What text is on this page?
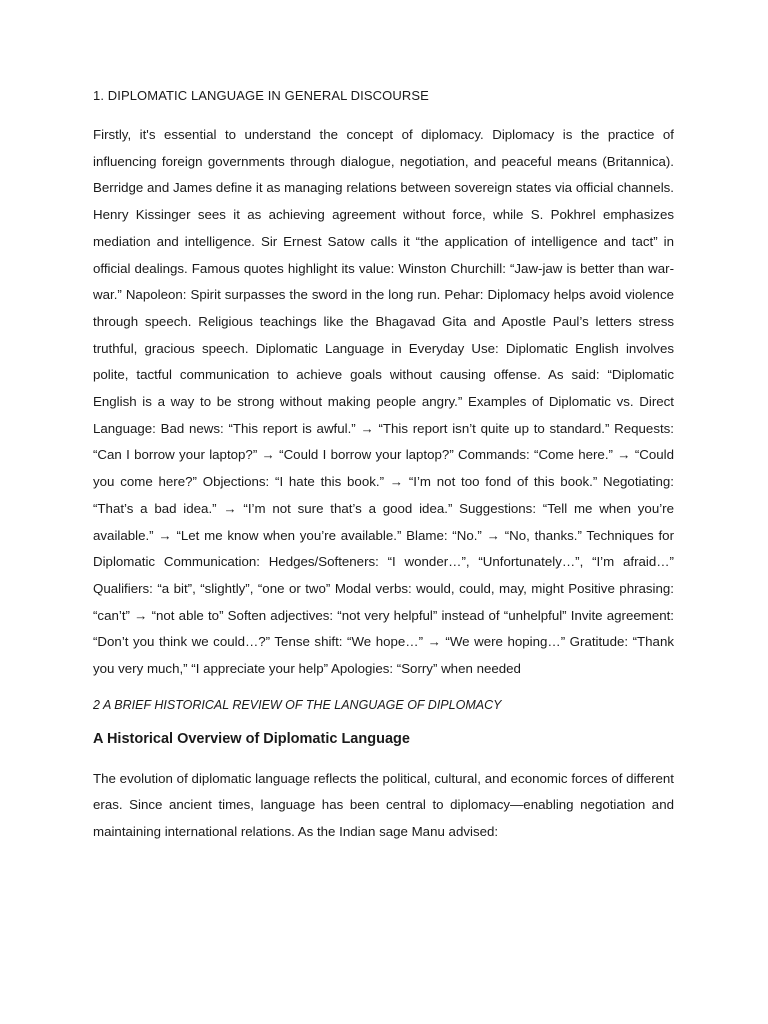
1. DIPLOMATIC LANGUAGE IN GENERAL DISCOURSE

Firstly, it's essential to understand the concept of diplomacy. Diplomacy is the practice of influencing foreign governments through dialogue, negotiation, and peaceful means (Britannica). Berridge and James define it as managing relations between sovereign states via official channels. Henry Kissinger sees it as achieving agreement without force, while S. Pokhrel emphasizes mediation and intelligence. Sir Ernest Satow calls it “the application of intelligence and tact” in official dealings. Famous quotes highlight its value: Winston Churchill: “Jaw-jaw is better than war-war.” Napoleon: Spirit surpasses the sword in the long run. Pehar: Diplomacy helps avoid violence through speech. Religious teachings like the Bhagavad Gita and Apostle Paul’s letters stress truthful, gracious speech. Diplomatic Language in Everyday Use: Diplomatic English involves polite, tactful communication to achieve goals without causing offense. As said: “Diplomatic English is a way to be strong without making people angry.” Examples of Diplomatic vs. Direct Language: Bad news: “This report is awful.” → “This report isn’t quite up to standard.” Requests: “Can I borrow your laptop?” → “Could I borrow your laptop?” Commands: “Come here.” → “Could you come here?” Objections: “I hate this book.” → “I’m not too fond of this book.” Negotiating: “That’s a bad idea.” → “I’m not sure that’s a good idea.” Suggestions: “Tell me when you’re available.” → “Let me know when you’re available.” Blame: “No.” → “No, thanks.” Techniques for Diplomatic Communication: Hedges/Softeners: “I wonder…”, “Unfortunately…”, “I’m afraid…” Qualifiers: “a bit”, “slightly”, “one or two” Modal verbs: would, could, may, might Positive phrasing: “can’t” → “not able to” Soften adjectives: “not very helpful” instead of “unhelpful” Invite agreement: “Don’t you think we could…?” Tense shift: “We hope…” → “We were hoping…” Gratitude: “Thank you very much,” “I appreciate your help” Apologies: “Sorry” when needed

2 A BRIEF HISTORICAL REVIEW OF THE LANGUAGE OF DIPLOMACY
A Historical Overview of Diplomatic Language

The evolution of diplomatic language reflects the political, cultural, and economic forces of different eras. Since ancient times, language has been central to diplomacy—enabling negotiation and maintaining international relations. As the Indian sage Manu advised:
